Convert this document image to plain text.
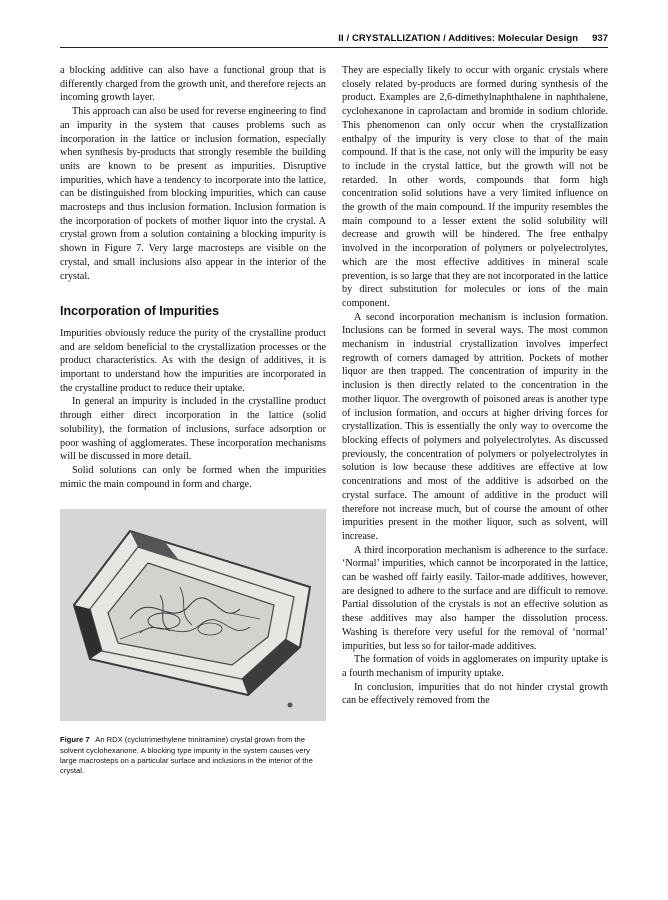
II / CRYSTALLIZATION / Additives: Molecular Design 937

a blocking additive can also have a functional group that is differently charged from the growth unit, and therefore rejects an incoming growth layer.

This approach can also be used for reverse engineering to find an impurity in the system that causes problems such as incorporation in the lattice or inclusion formation, especially when synthesis by-products that strongly resemble the building units are known to be present as impurities. Disruptive impurities, which have a tendency to incorporate into the lattice, can be distinguished from blocking impurities, which can cause macrosteps and thus inclusion formation. Inclusion formation is the incorporation of pockets of mother liquor into the crystal. A crystal grown from a solution containing a blocking impurity is shown in Figure 7. Very large macrosteps are visible on the crystal, and small inclusions also appear in the interior of the crystal.

Incorporation of Impurities

Impurities obviously reduce the purity of the crystalline product and are seldom beneficial to the crystallization processes or the product characteristics. As with the design of additives, it is important to understand how the impurities are incorporated in the crystalline product to reduce their uptake.

In general an impurity is included in the crystalline product through either direct incorporation in the lattice (solid solubility), the formation of inclusions, surface adsorption or poor washing of agglomerates. These incorporation mechanisms will be discussed in more detail.

Solid solutions can only be formed when the impurities mimic the main compound in form and charge.

Figure 7 An RDX (cyclotrimethylene trinitramine) crystal grown from the solvent cyclohexanone. A blocking type impurity in the system causes very large macrosteps on a particular surface and inclusions in the interior of the crystal.

They are especially likely to occur with organic crystals where closely related by-products are formed during synthesis of the product. Examples are 2,6-dimethylnaphthalene in naphthalene, cyclohexanone in caprolactam and bromide in sodium chloride. This phenomenon can only occur when the crystallization enthalpy of the impurity is very close to that of the main compound. If that is the case, not only will the impurity be easy to include in the crystal lattice, but the growth will not be retarded. In other words, compounds that form high concentration solid solutions have a very limited influence on the growth of the main compound. If the impurity resembles the main compound to a lesser extent the solid solubility will decrease and growth will be hindered. The free enthalpy involved in the incorporation of polymers or polyelectrolytes, which are the most effective additives in mineral scale prevention, is so large that they are not incorporated in the lattice by direct substitution for molecules or ions of the main component.

A second incorporation mechanism is inclusion formation. Inclusions can be formed in several ways. The most common mechanism in industrial crystallization involves imperfect regrowth of corners damaged by attrition. Pockets of mother liquor are then trapped. The concentration of impurity in the inclusion is then directly related to the concentration in the mother liquor. The overgrowth of poisoned areas is another type of inclusion formation, and occurs at higher driving forces for crystallization. This is essentially the only way to overcome the blocking effects of polymers and polyelectrolytes. As discussed previously, the concentration of polymers or polyelectrolytes in solution is low because these additives are effective at low concentrations and most of the additive is adsorbed on the crystal surface. The amount of additive in the product will therefore not increase much, but of course the amount of other impurities present in the mother liquor, such as solvent, will increase.

A third incorporation mechanism is adherence to the surface. ‘Normal’ impurities, which cannot be incorporated in the lattice, can be washed off fairly easily. Tailor-made additives, however, are designed to adhere to the surface and are difficult to remove. Partial dissolution of the crystals is not an effective solution as these additives may also hamper the dissolution process. Washing is therefore very useful for the removal of ‘normal’ impurities, but less so for tailor-made additives.

The formation of voids in agglomerates on impurity uptake is a fourth mechanism of impurity uptake.

In conclusion, impurities that do not hinder crystal growth can be effectively removed from the
